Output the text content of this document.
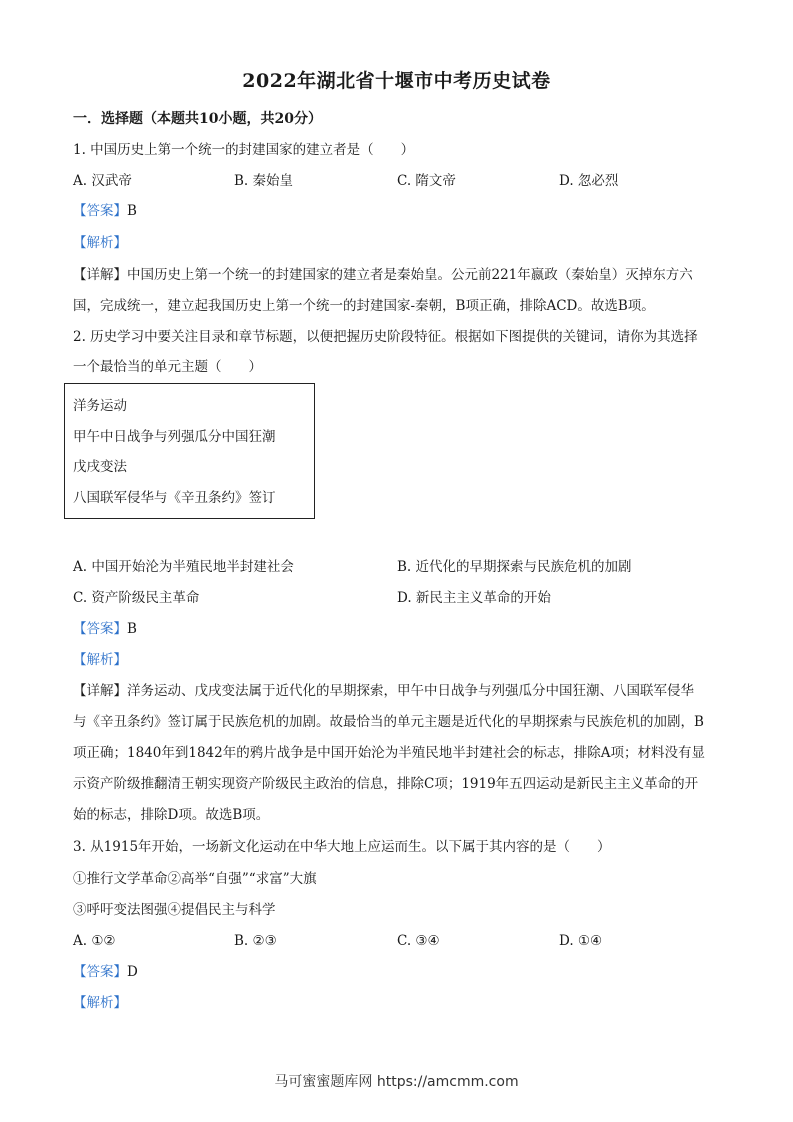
2022年湖北省十堰市中考历史试卷
一．选择题（本题共10小题，共20分）
1. 中国历史上第一个统一的封建国家的建立者是（　　）
A. 汉武帝	B. 秦始皇	C. 隋文帝	D. 忽必烈
【答案】B
【解析】
【详解】中国历史上第一个统一的封建国家的建立者是秦始皇。公元前221年嬴政（秦始皇）灭掉东方六
国，完成统一，建立起我国历史上第一个统一的封建国家-秦朝，B项正确，排除ACD。故选B项。
2. 历史学习中要关注目录和章节标题，以便把握历史阶段特征。根据如下图提供的关键词，请你为其选择
一个最恰当的单元主题（　　）
洋务运动
甲午中日战争与列强瓜分中国狂潮
戊戌变法
八国联军侵华与《辛丑条约》签订
A. 中国开始沦为半殖民地半封建社会	B. 近代化的早期探索与民族危机的加剧
C. 资产阶级民主革命	D. 新民主主义革命的开始
【答案】B
【解析】
【详解】洋务运动、戊戌变法属于近代化的早期探索，甲午中日战争与列强瓜分中国狂潮、八国联军侵华
与《辛丑条约》签订属于民族危机的加剧。故最恰当的单元主题是近代化的早期探索与民族危机的加剧，B
项正确；1840年到1842年的鸦片战争是中国开始沦为半殖民地半封建社会的标志，排除A项；材料没有显
示资产阶级推翻清王朝实现资产阶级民主政治的信息，排除C项；1919年五四运动是新民主主义革命的开
始的标志，排除D项。故选B项。
3. 从1915年开始，一场新文化运动在中华大地上应运而生。以下属于其内容的是（　　）
①推行文学革命②高举“自强”“求富”大旗
③呼吁变法图强④提倡民主与科学
A. ①②	B. ②③	C. ③④	D. ①④
【答案】D
【解析】
马可蜜蜜题库网 https://amcmm.com
